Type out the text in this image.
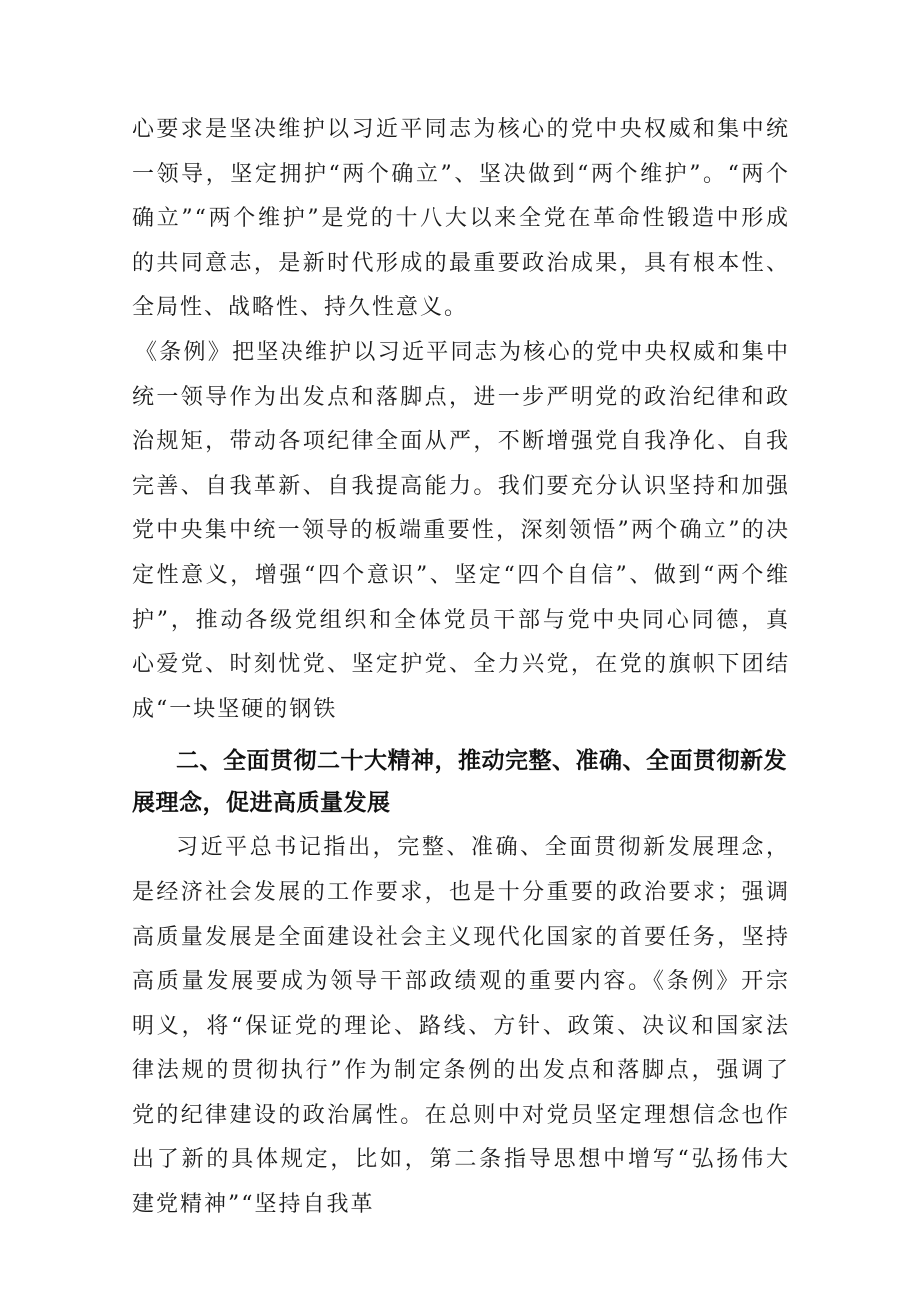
心要求是坚决维护以习近平同志为核心的党中央权威和集中统一领导，坚定拥护“两个确立”、坚决做到“两个维护”。“两个确立”“两个维护”是党的十八大以来全党在革命性锻造中形成的共同意志，是新时代形成的最重要政治成果，具有根本性、全局性、战略性、持久性意义。

《条例》把坚决维护以习近平同志为核心的党中央权威和集中统一领导作为出发点和落脚点，进一步严明党的政治纪律和政治规矩，带动各项纪律全面从严，不断增强党自我净化、自我完善、自我革新、自我提高能力。我们要充分认识坚持和加强党中央集中统一领导的板端重要性，深刻领悟”两个确立”的决定性意义，增强“四个意识”、坚定“四个自信”、做到“两个维护”，推动各级党组织和全体党员干部与党中央同心同德，真心爱党、时刻忧党、坚定护党、全力兴党，在党的旗帜下团结成“一块坚硬的钢铁

二、全面贯彻二十大精神，推动完整、准确、全面贯彻新发展理念，促进高质量发展

习近平总书记指出，完整、准确、全面贯彻新发展理念，是经济社会发展的工作要求，也是十分重要的政治要求；强调高质量发展是全面建设社会主义现代化国家的首要任务，坚持高质量发展要成为领导干部政绩观的重要内容。《条例》开宗明义，将“保证党的理论、路线、方针、政策、决议和国家法律法规的贯彻执行”作为制定条例的出发点和落脚点，强调了党的纪律建设的政治属性。在总则中对党员坚定理想信念也作出了新的具体规定，比如，第二条指导思想中增写“弘扬伟大建党精神”“坚持自我革
